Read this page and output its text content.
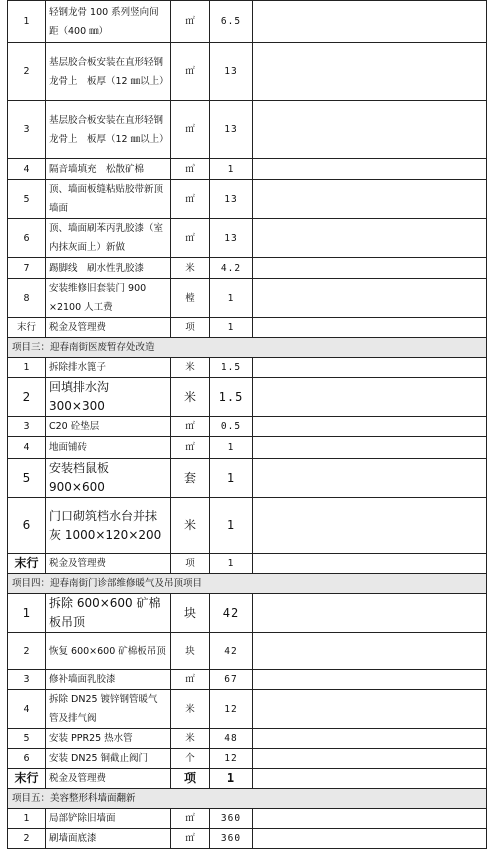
1	轻钢龙骨 100 系列竖向间距（400 ㎜）	㎡	6.5	
2	基层胶合板安装在直形轻钢龙骨上　板厚（12 ㎜以上）	㎡	13	
3	基层胶合板安装在直形轻钢龙骨上　板厚（12 ㎜以上）	㎡	13	
4	隔音墙填充　松散矿棉	㎥	1	
5	顶、墙面板缝粘贴胶带新顶　墙面	㎡	13	
6	顶、墙面刷苯丙乳胶漆（室内抹灰面上）新做	㎡	13	
7	踢脚线　刷水性乳胶漆	米	4.2	
8	安装维修旧套装门 900 ×2100 人工费	樘	1	
末行	税金及管理费	项	1	
项目三：迎春南街医废暂存处改造				
1	拆除排水篦子	米	1.5	
2	回填排水沟 300×300	米	1.5	
3	C20 砼垫层	㎡	0.5	
4	地面铺砖	㎡	1	
5	安装档鼠板 900×600	套	1	
6	门口砌筑档水台并抹灰 1000×120×200	米	1	
末行	税金及管理费	项	1	
项目四：迎春南街门诊部维修暖气及吊顶项目				
1	拆除 600×600 矿棉板吊顶	块	42	
2	恢复 600×600 矿棉板吊顶	块	42	
3	修补墙面乳胶漆	㎡	67	
4	拆除 DN25 镀锌钢管暖气管及排气阀	米	12	
5	安装 PPR25 热水管	米	48	
6	安装 DN25 铜截止阀门	个	12	
末行	税金及管理费	项	1	
项目五：美容整形科墙面翻新				
1	局部铲除旧墙面	㎡	360	
2	刷墙面底漆	㎡	360	
